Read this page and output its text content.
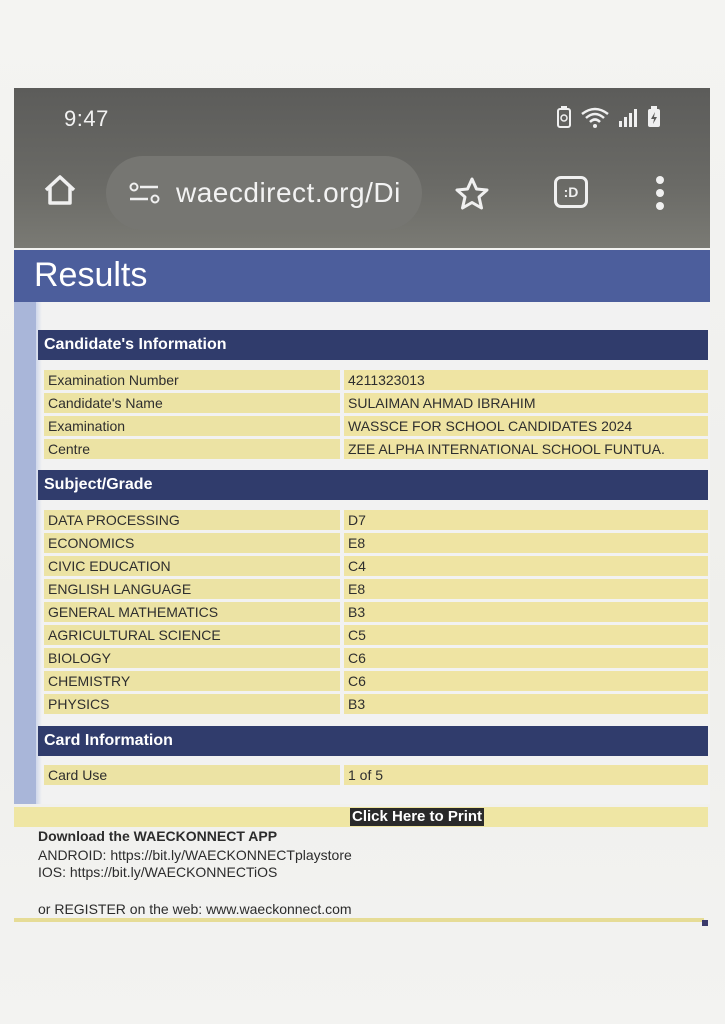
9:47
waecdirect.org/Di	:D
Results
Candidate's Information
Examination Number	4211323013
Candidate's Name	SULAIMAN AHMAD IBRAHIM
Examination	WASSCE FOR SCHOOL CANDIDATES 2024
Centre	ZEE ALPHA INTERNATIONAL SCHOOL FUNTUA.
Subject/Grade
DATA PROCESSING	D7
ECONOMICS	E8
CIVIC EDUCATION	C4
ENGLISH LANGUAGE	E8
GENERAL MATHEMATICS	B3
AGRICULTURAL SCIENCE	C5
BIOLOGY	C6
CHEMISTRY	C6
PHYSICS	B3
Card Information
Card Use	1 of 5
Click Here to Print
Download the WAECKONNECT APP
ANDROID: https://bit.ly/WAECKONNECTplaystore
IOS: https://bit.ly/WAECKONNECTiOS
or REGISTER on the web: www.waeckonnect.com
